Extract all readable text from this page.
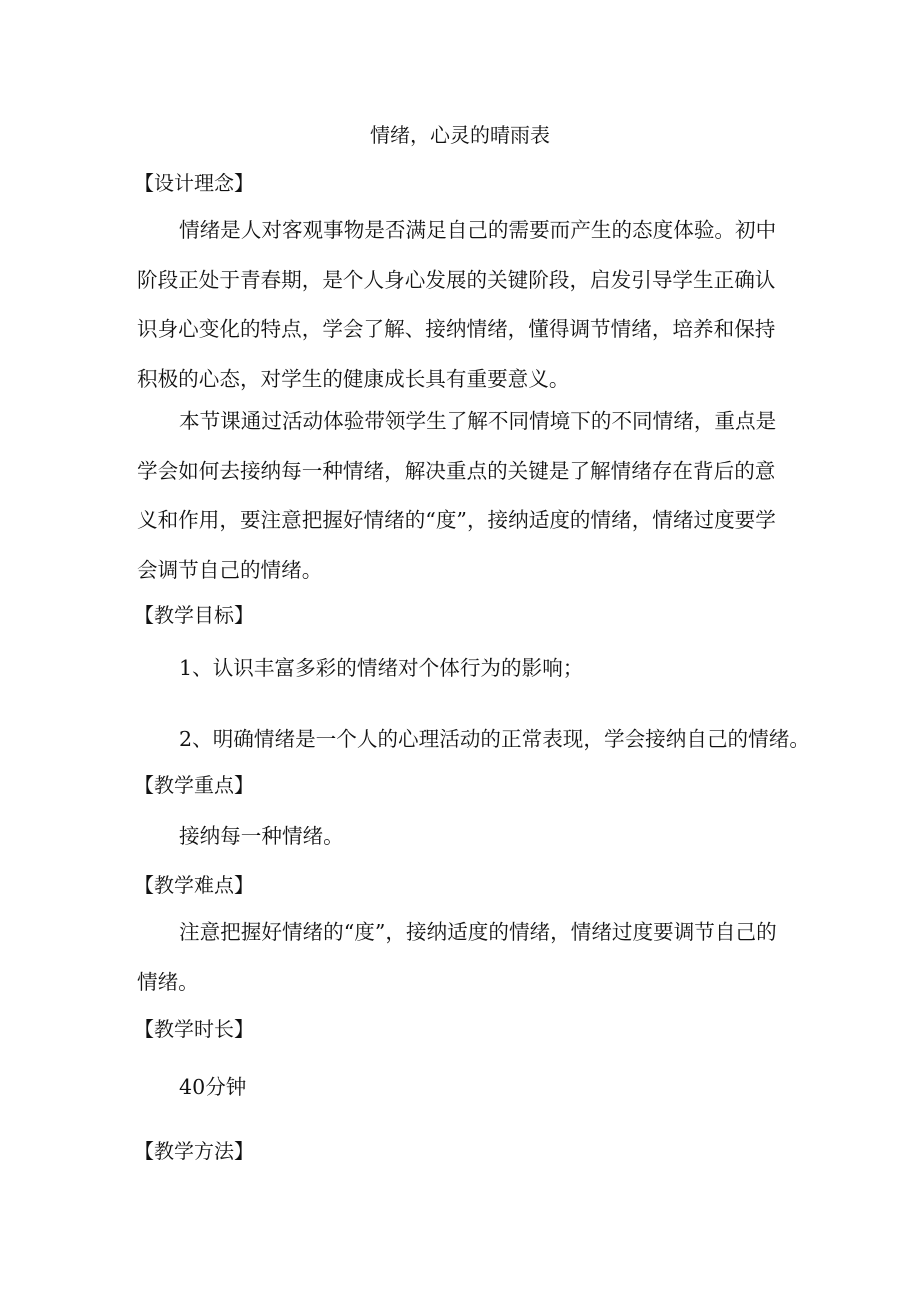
情绪，心灵的晴雨表
【设计理念】
情绪是人对客观事物是否满足自己的需要而产生的态度体验。初中阶段正处于青春期，是个人身心发展的关键阶段，启发引导学生正确认识身心变化的特点，学会了解、接纳情绪，懂得调节情绪，培养和保持积极的心态，对学生的健康成长具有重要意义。
本节课通过活动体验带领学生了解不同情境下的不同情绪，重点是学会如何去接纳每一种情绪，解决重点的关键是了解情绪存在背后的意义和作用，要注意把握好情绪的“度”，接纳适度的情绪，情绪过度要学会调节自己的情绪。
【教学目标】
1、认识丰富多彩的情绪对个体行为的影响；
2、明确情绪是一个人的心理活动的正常表现，学会接纳自己的情绪。
【教学重点】
接纳每一种情绪。
【教学难点】
注意把握好情绪的“度”，接纳适度的情绪，情绪过度要调节自己的情绪。
【教学时长】
40分钟
【教学方法】
